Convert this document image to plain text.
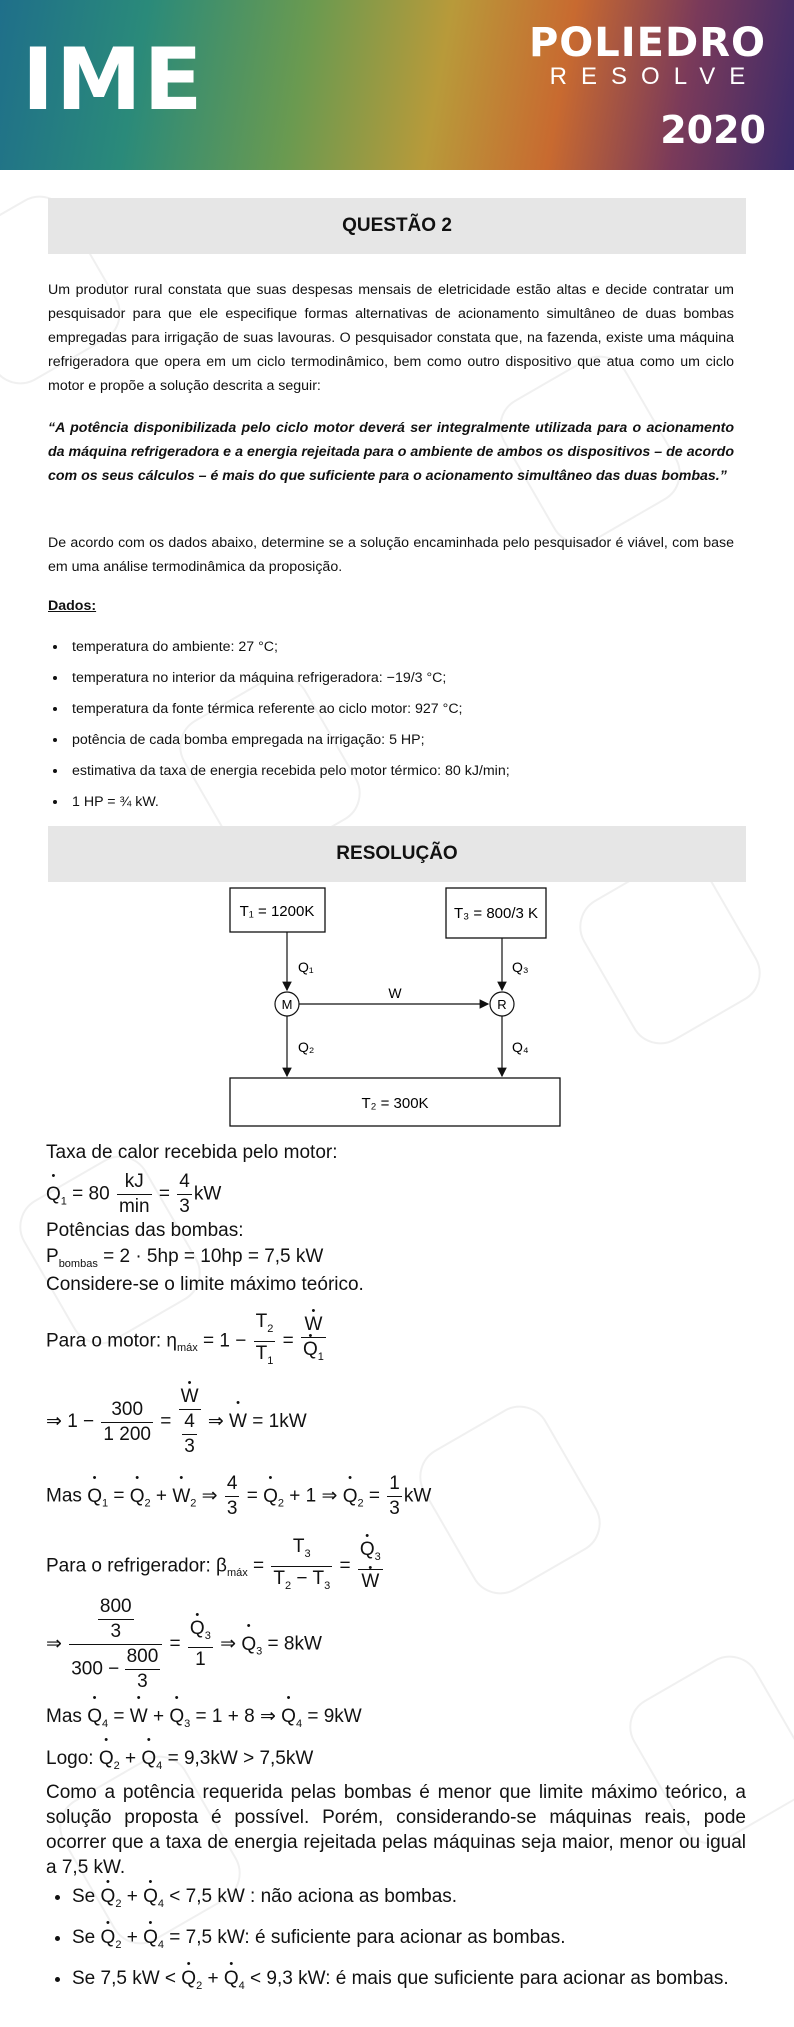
IME	POLIEDRO
RESOLVE
2020
QUESTÃO 2
Um produtor rural constata que suas despesas mensais de eletricidade estão altas e decide contratar um pesquisador para que ele especifique formas alternativas de acionamento simultâneo de duas bombas empregadas para irrigação de suas lavouras. O pesquisador constata que, na fazenda, existe uma máquina refrigeradora que opera em um ciclo termodinâmico, bem como outro dispositivo que atua como um ciclo motor e propõe a solução descrita a seguir:
“A potência disponibilizada pelo ciclo motor deverá ser integralmente utilizada para o acionamento da máquina refrigeradora e a energia rejeitada para o ambiente de ambos os dispositivos – de acordo com os seus cálculos – é mais do que suficiente para o acionamento simultâneo das duas bombas.”
De acordo com os dados abaixo, determine se a solução encaminhada pelo pesquisador é viável, com base em uma análise termodinâmica da proposição.
Dados:
• temperatura do ambiente: 27 °C;
• temperatura no interior da máquina refrigeradora: −19/3 °C;
• temperatura da fonte térmica referente ao ciclo motor: 927 °C;
• potência de cada bomba empregada na irrigação: 5 HP;
• estimativa da taxa de energia recebida pelo motor térmico: 80 kJ/min;
• 1 HP = ¾ kW.
RESOLUÇÃO
T₁ = 1200K	T₃ = 800/3 K
Q₁	Q₃
M	R
W
Q₂	Q₄
T₂ = 300K
Taxa de calor recebida pelo motor:
• $Q_1 = 80 \frac{kJ}{\min} = \frac{4}{3}$ kW
Potências das bombas:
$P_{bombas} = 2 \cdot 5hp = 10hp = 7,5$ kW
Considere-se o limite máximo teórico.
Para o motor: $\eta_{máx} = 1 - \frac{T_2}{T_1}$ = • W
• $Q_1$
⇒ $1 - \frac{300}{1 200}$ = • $\frac{W}{\frac{4}{3}}$ ⇒ • W = 1kW
Mas • $Q_1$ = • $Q_2$ + • $W_2$ ⇒ $\frac{4}{3}$ = • $Q_2 + 1$ ⇒ • $Q_2 = \frac{1}{3}$ kW
Para o refrigerador: $\beta_{máx} = \frac{T_3}{T_2 - T_3}$ = • $Q_3$
• W
⇒ $\frac{\frac{800}{3}}{300 - \frac{800}{3}}$ = • $\frac{Q_3}{1}$ ⇒ • $Q_3 = 8kW$
Mas • $Q_4$ = • W + • $Q_3 = 1 + 8$ ⇒ • $Q_4 = 9kW$
Logo: • $Q_2$ + • $Q_4 = 9,3kW > 7,5kW$
Como a potência requerida pelas bombas é menor que limite máximo teórico, a solução proposta é possível. Porém, considerando-se máquinas reais, pode ocorrer que a taxa de energia rejeitada pelas máquinas seja maior, menor ou igual a 7,5 kW.
• Se • $Q_2$ + • $Q_4 < 7,5$ kW : não aciona as bombas.
• Se • $Q_2$ + • $Q_4 = 7,5$ kW: é suficiente para acionar as bombas.
• Se 7,5 kW < • $Q_2$ + • $Q_4 < 9,3$ kW: é mais que suficiente para acionar as bombas.
